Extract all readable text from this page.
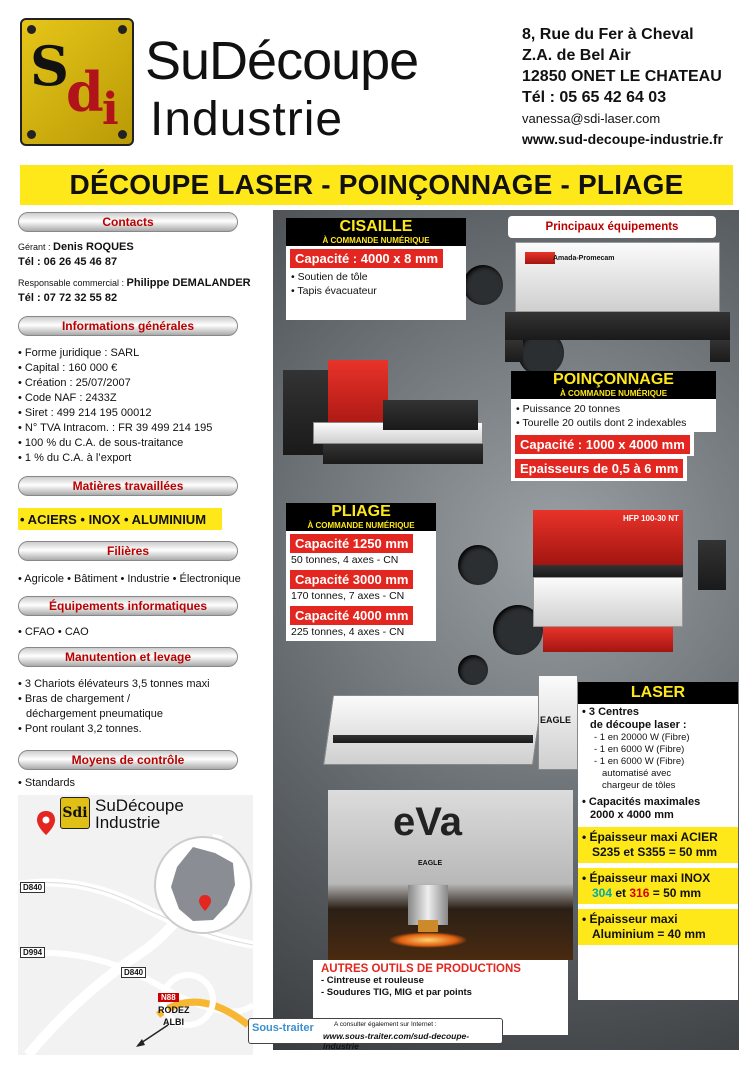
S
d
i
SuDécoupe
Industrie
8, Rue du Fer à Cheval
Z.A. de Bel Air
12850 ONET LE CHATEAU
Tél : 05 65 42 64 03
vanessa@sdi-laser.com
www.sud-decoupe-industrie.fr
DÉCOUPE LASER - POINÇONNAGE - PLIAGE
Contacts
Gérant : Denis ROQUES
Tél : 06 26 45 46 87
Responsable commercial : Philippe DEMALANDER
Tél : 07 72 32 55 82
Informations générales
• Forme juridique : SARL
• Capital : 160 000 €
• Création : 25/07/2007
• Code NAF : 2433Z
• Siret : 499 214 195 00012
• N° TVA Intracom. : FR 39 499 214 195
• 100 % du C.A. de sous-traitance
• 1 % du C.A. à l’export
Matières travaillées
• ACIERS • INOX • ALUMINIUM
Filières
• Agricole • Bâtiment • Industrie • Électronique
Équipements informatiques
• CFAO • CAO
Manutention et levage
• 3 Chariots élévateurs 3,5 tonnes maxi
• Bras de chargement /
déchargement pneumatique
• Pont roulant 3,2 tonnes.
Moyens de contrôle
• Standards
Sdi SuDécoupe
Industrie
D840
D994
D840
N88
RODEZ
ALBI
Principaux équipements
Amada-Promecam
CISAILLE
À COMMANDE NUMÉRIQUE
Capacité : 4000 x 8 mm
• Soutien de tôle
• Tapis évacuateur
POINÇONNAGE
À COMMANDE NUMÉRIQUE
• Puissance 20 tonnes
• Tourelle 20 outils dont 2 indexables
Capacité : 1000 x 4000 mm
Epaisseurs de 0,5 à 6 mm
HFP 100-30 NT
PLIAGE
À COMMANDE NUMÉRIQUE
Capacité 1250 mm
50 tonnes, 4 axes - CN
Capacité 3000 mm
170 tonnes, 7 axes - CN
Capacité 4000 mm
225 tonnes, 4 axes - CN
EAGLE
eVa
EAGLE
AUTRES OUTILS DE PRODUCTIONS
- Cintreuse et rouleuse
- Soudures TIG, MIG et par points
LASER
• 3 Centres
de découpe laser :
- 1 en 20000 W (Fibre)
- 1 en 6000 W (Fibre)
- 1 en 6000 W (Fibre)
automatisé avec
chargeur de tôles
• Capacités maximales
2000 x 4000 mm
• Épaisseur maxi ACIER
S235 et S355 = 50 mm
• Épaisseur maxi INOX
304 et 316 = 50 mm
• Épaisseur maxi
Aluminium = 40 mm
Sous-traiter	A consulter également sur Internet :
www.sous-traiter.com/sud-decoupe-industrie
